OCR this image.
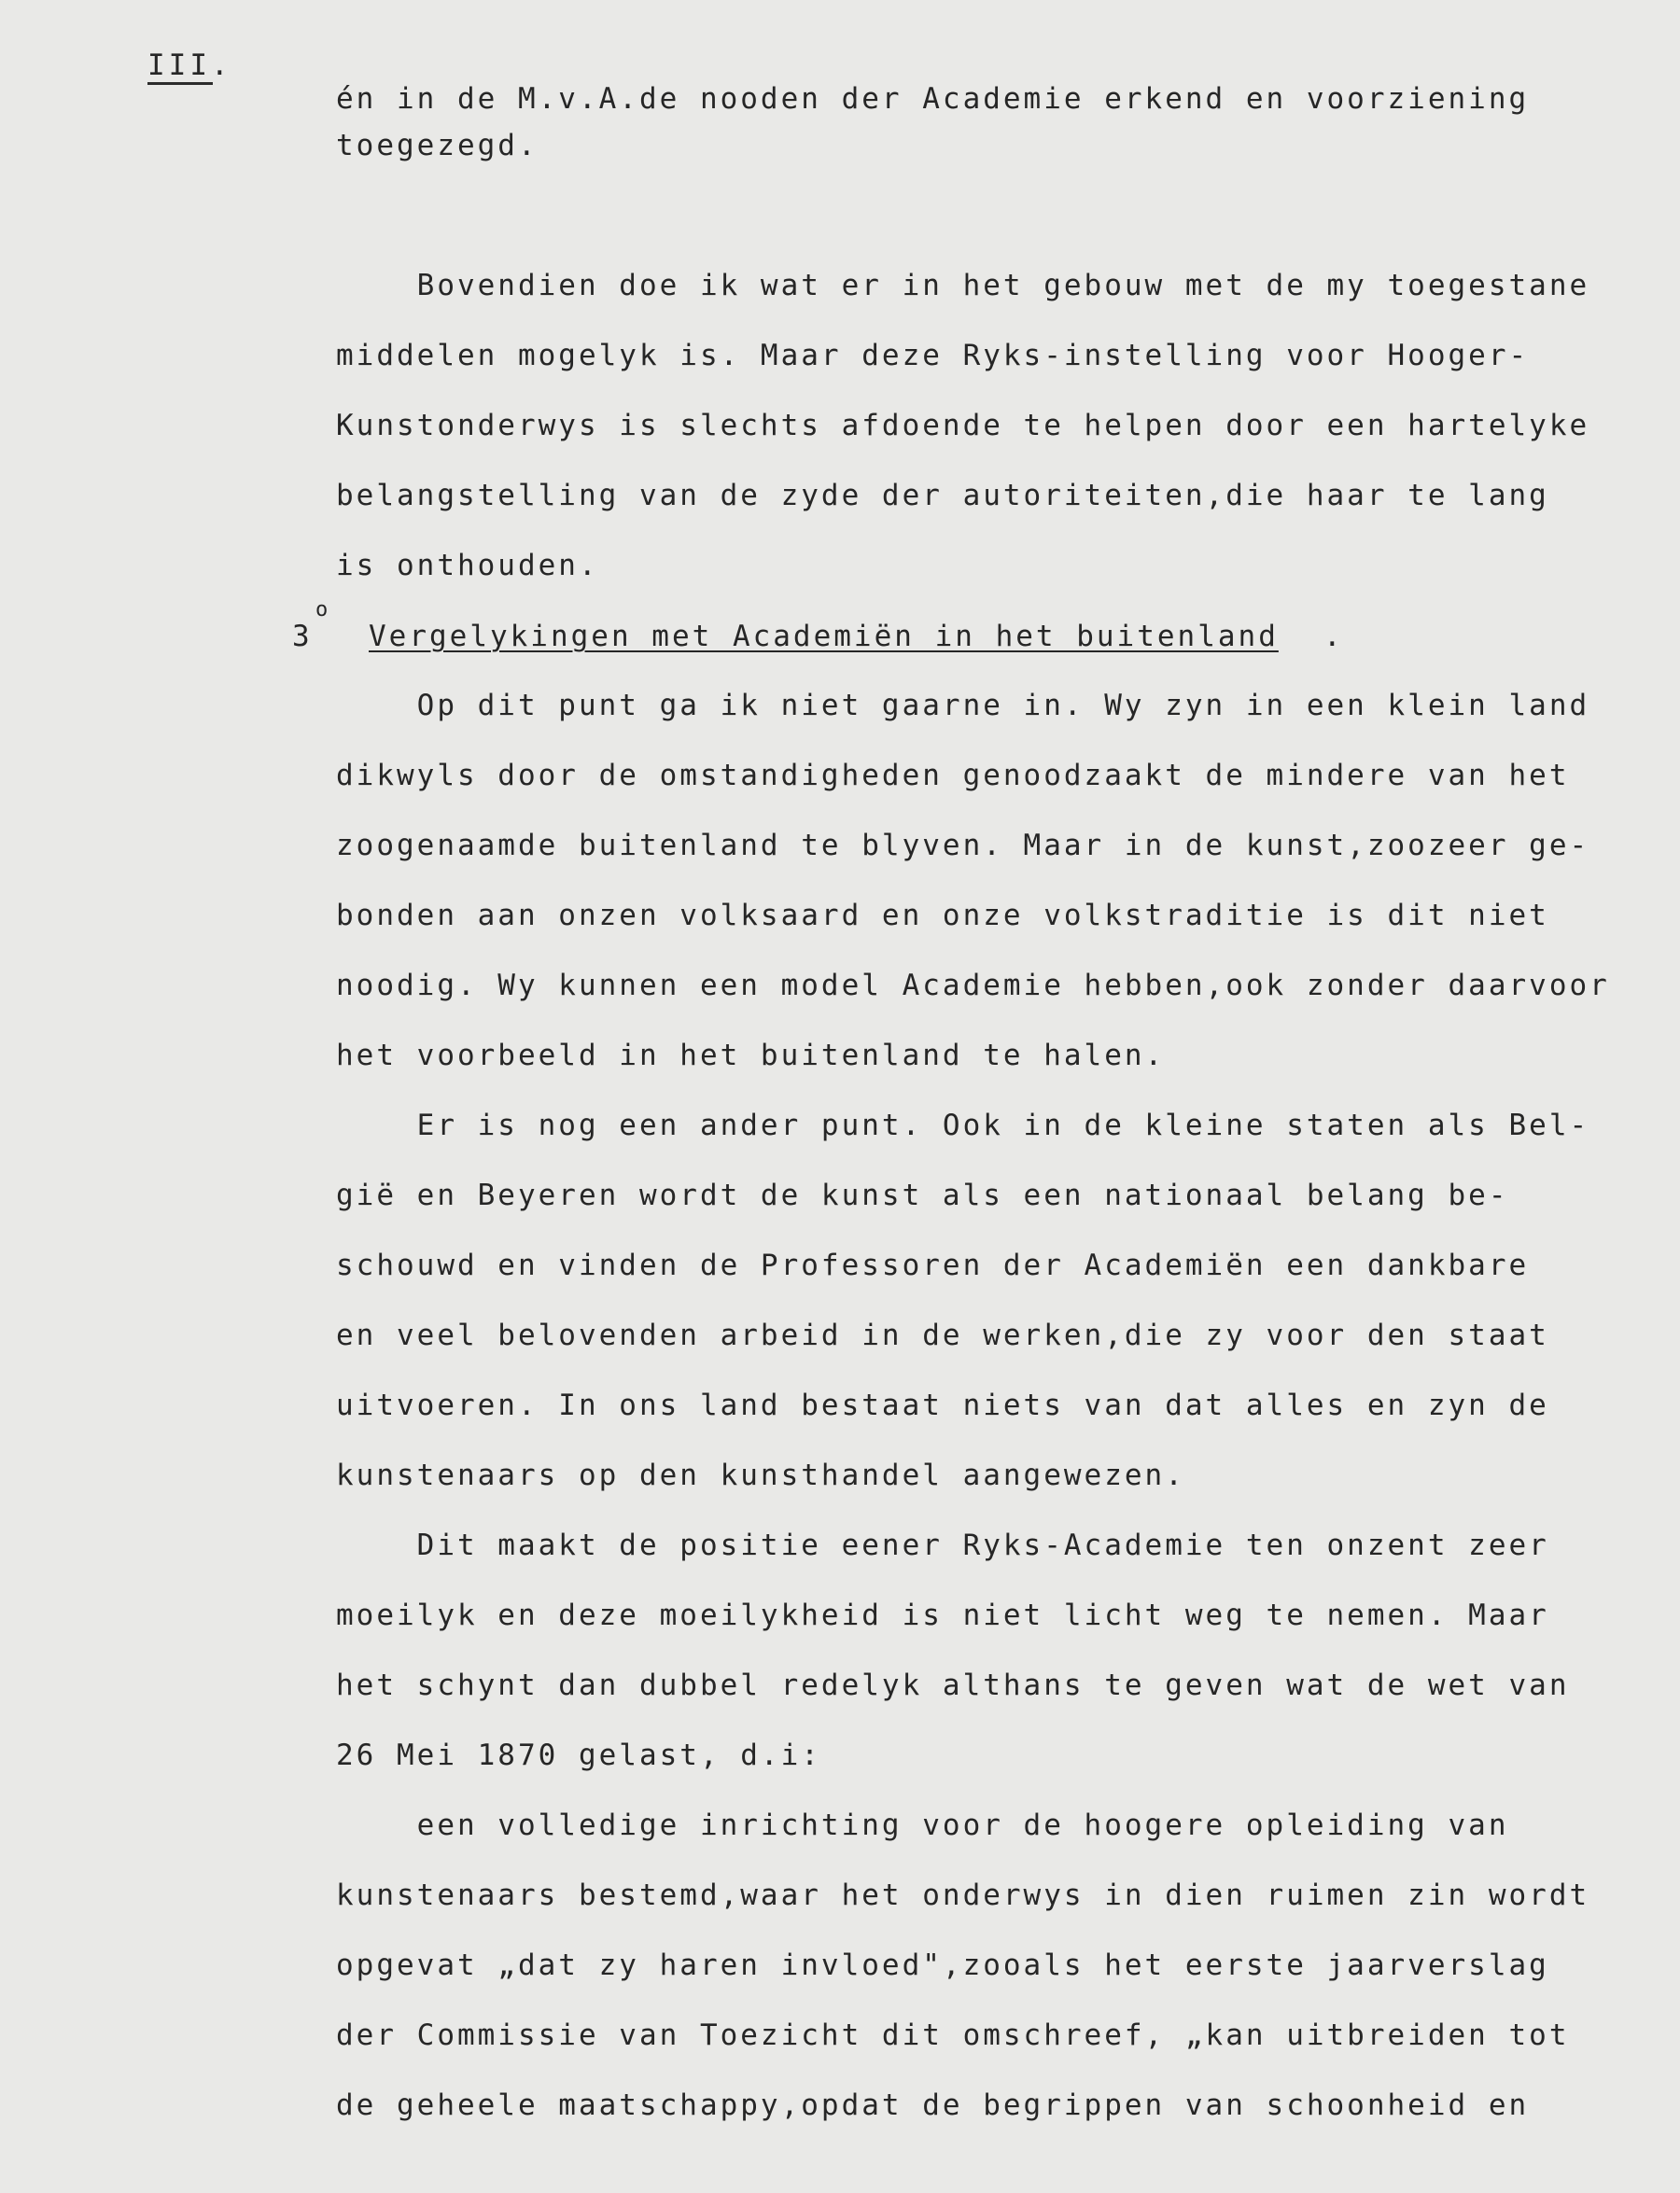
III.
én in de M.v.A.de nooden der Academie erkend en voorziening
toegezegd.
Bovendien doe ik wat er in het gebouw met de my toegestane
middelen mogelyk is. Maar deze Ryks-instelling voor Hooger-
Kunstonderwys is slechts afdoende te helpen door een hartelyke
belangstelling van de zyde der autoriteiten,die haar te lang
is onthouden.
3
o
Vergelykingen met Academiën in het buitenland .
Op dit punt ga ik niet gaarne in. Wy zyn in een klein land
dikwyls door de omstandigheden genoodzaakt de mindere van het
zoogenaamde buitenland te blyven. Maar in de kunst,zoozeer ge-
bonden aan onzen volksaard en onze volkstraditie is dit niet
noodig. Wy kunnen een model Academie hebben,ook zonder daarvoor
het voorbeeld in het buitenland te halen.
Er is nog een ander punt. Ook in de kleine staten als Bel-
gië en Beyeren wordt de kunst als een nationaal belang be-
schouwd en vinden de Professoren der Academiën een dankbare
en veel belovenden arbeid in de werken,die zy voor den staat
uitvoeren. In ons land bestaat niets van dat alles en zyn de
kunstenaars op den kunsthandel aangewezen.
Dit maakt de positie eener Ryks-Academie ten onzent zeer
moeilyk en deze moeilykheid is niet licht weg te nemen. Maar
het schynt dan dubbel redelyk althans te geven wat de wet van
26 Mei 1870 gelast, d.i:
een volledige inrichting voor de hoogere opleiding van
kunstenaars bestemd,waar het onderwys in dien ruimen zin wordt
opgevat „dat zy haren invloed",zooals het eerste jaarverslag
der Commissie van Toezicht dit omschreef, „kan uitbreiden tot
de geheele maatschappy,opdat de begrippen van schoonheid en
